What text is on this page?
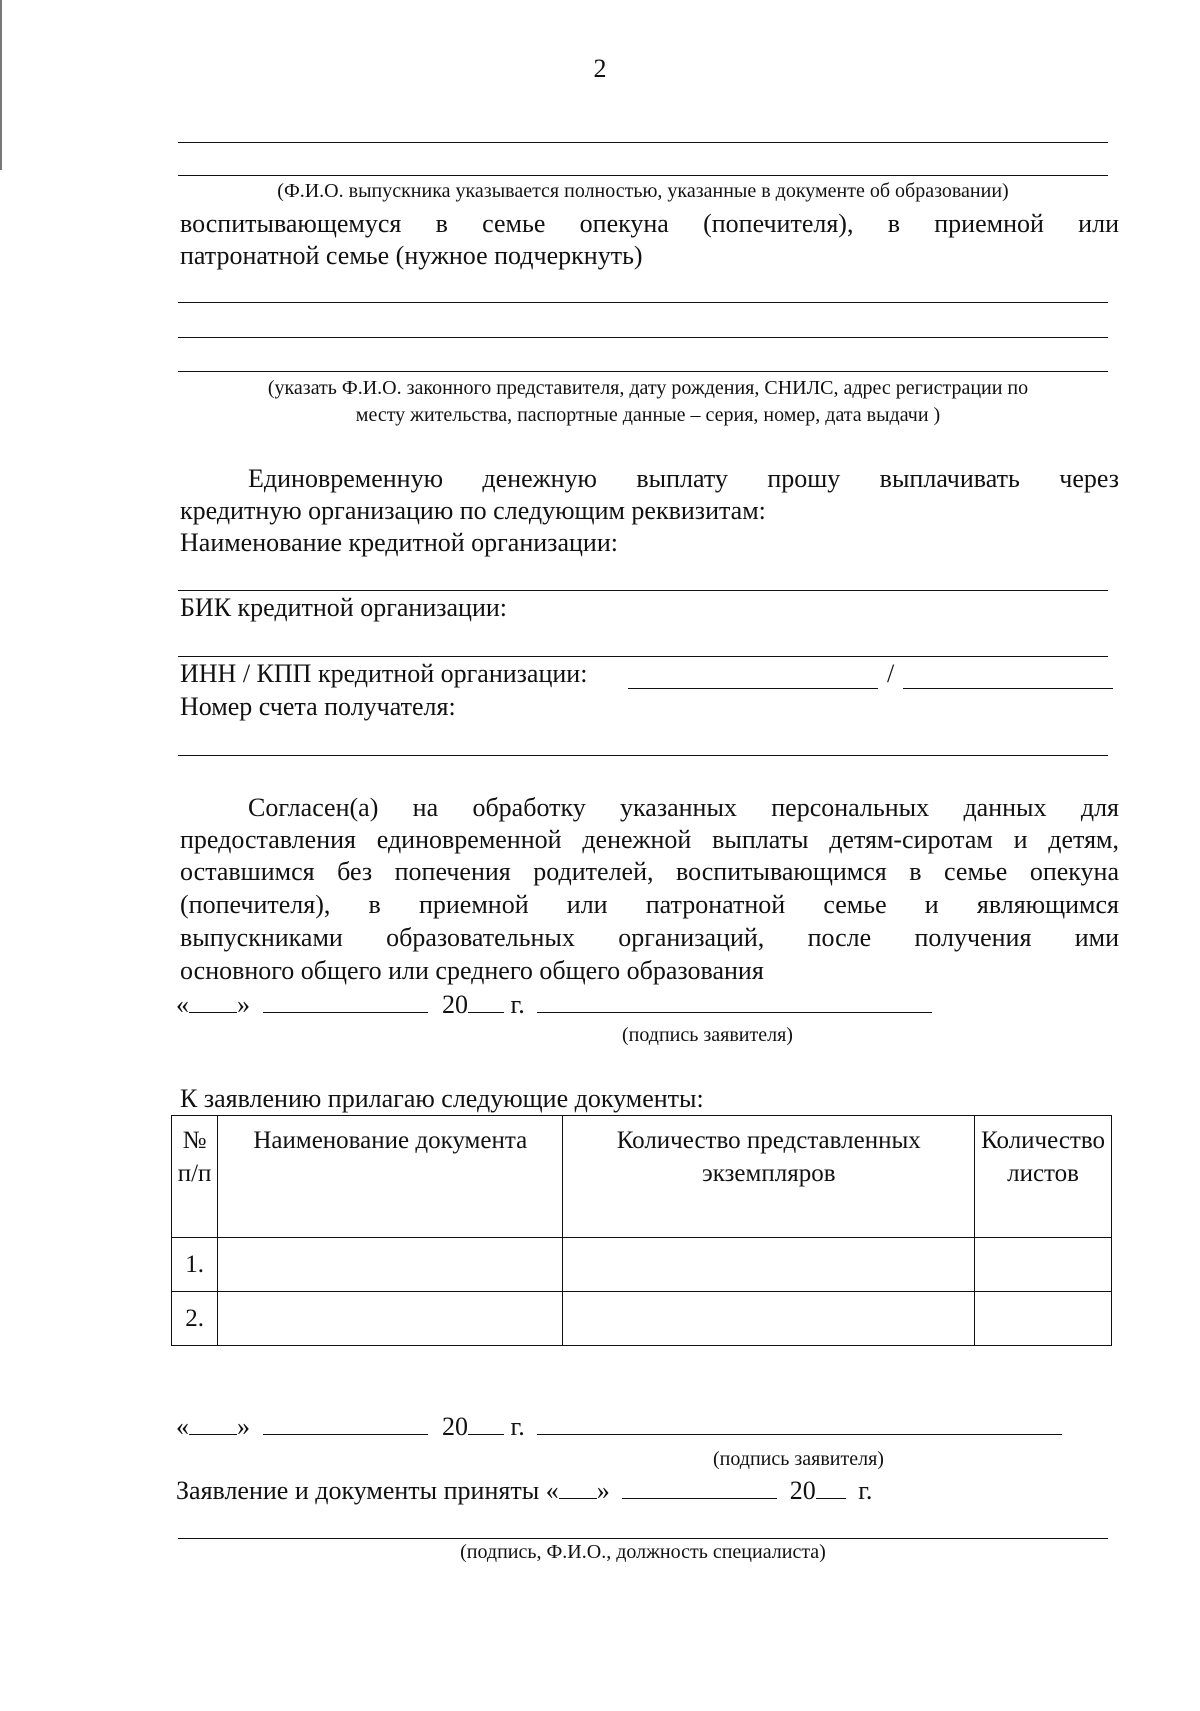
2
(Ф.И.О. выпускника указывается полностью, указанные в документе об образовании)
воспитывающемуся в семье опекуна (попечителя), в приемной или
патронатной семье (нужное подчеркнуть)
(указать Ф.И.О. законного представителя, дату рождения, СНИЛС, адрес регистрации по
месту жительства, паспортные данные – серия, номер, дата выдачи )
Единовременную денежную выплату прошу выплачивать через
кредитную организацию по следующим реквизитам:
Наименование кредитной организации:
БИК кредитной организации:
ИНН / КПП кредитной организации:	/
Номер счета получателя:
Согласен(а) на обработку указанных персональных данных для
предоставления единовременной денежной выплаты детям-сиротам и детям,
оставшимся без попечения родителей, воспитывающимся в семье опекуна
(попечителя), в приемной или патронатной семье и являющимся
выпускниками образовательных организаций, после получения ими
основного общего или среднего общего образования
« »	20 г.
(подпись заявителя)
К заявлению прилагаю следующие документы:
№ п/п	Наименование документа	Количество представленных экземпляров	Количество листов
1.			
2.			
« »	20 г.
(подпись заявителя)
Заявление и документы приняты « »	20 г.
(подпись, Ф.И.О., должность специалиста)
